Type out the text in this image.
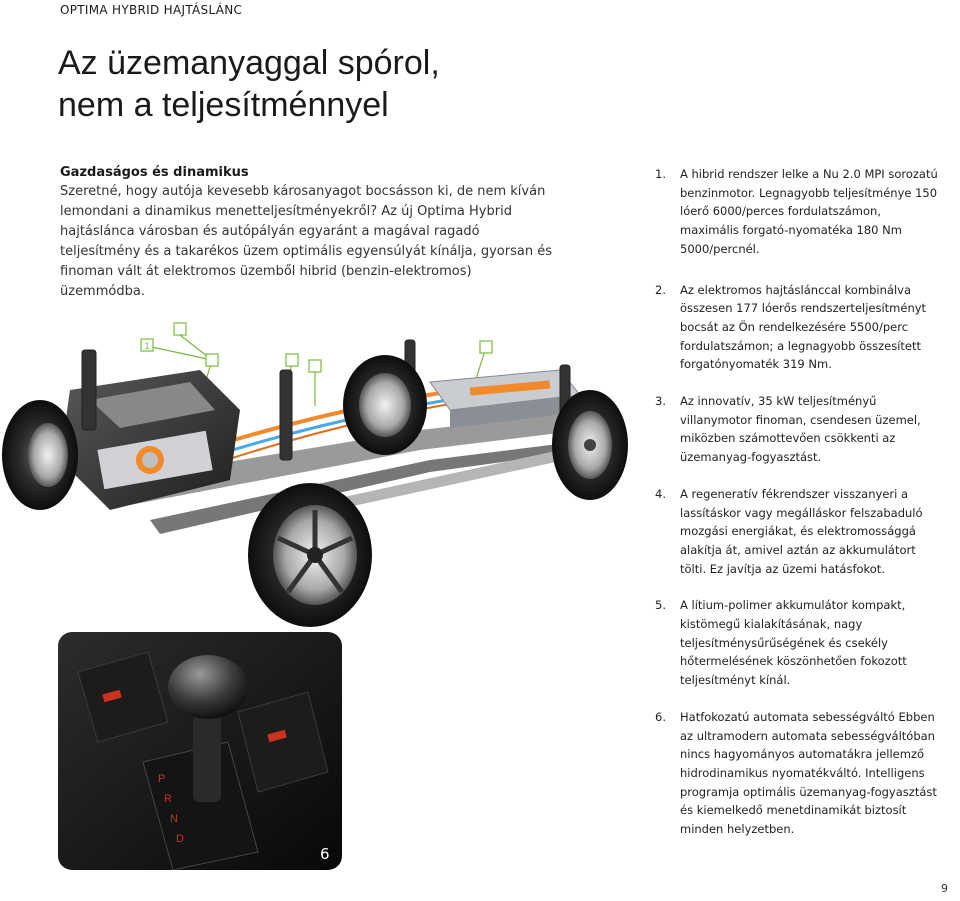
OPTIMA HYBRID HAJTÁSLÁNC
Az üzemanyaggal spórol,
nem a teljesítménnyel
Gazdaságos és dinamikus

Szeretné, hogy autója kevesebb károsanyagot bocsásson ki, de nem kíván lemondani a dinamikus menetteljesítményekről? Az új Optima Hybrid hajtáslánca városban és autópályán egyaránt a magával ragadó teljesítmény és a takarékos üzem optimális egyensúlyát kínálja, gyorsan és finoman vált át elektromos üzemből hibrid (benzin-elektromos) üzemmódba.

1
P
R
N
D
6
1. A hibrid rendszer lelke a Nu 2.0 MPI sorozatú benzinmotor. Legnagyobb teljesítménye 150 lóerő 6000/perces fordulatszámon, maximális forgató-nyomatéka 180 Nm 5000/percnél.
2. Az elektromos hajtáslánccal kombinálva összesen 177 lóerős rendszerteljesítményt bocsát az Ön rendelkezésére 5500/perc fordulatszámon; a legnagyobb összesített forgatónyomaték 319 Nm.
3. Az innovatív, 35 kW teljesítményű villanymotor finoman, csendesen üzemel, miközben számottevően csökkenti az üzemanyag-fogyasztást.
4. A regeneratív fékrendszer visszanyeri a lassításkor vagy megálláskor felszabaduló mozgási energiákat, és elektromossággá alakítja át, amivel aztán az akkumulátort tölti. Ez javítja az üzemi hatásfokot.
5. A lítium-polimer akkumulátor kompakt, kistömegű kialakításának, nagy teljesítménysűrűségének és csekély hőtermelésének köszönhetően fokozott teljesítményt kínál.
6. Hatfokozatú automata sebességváltó Ebben az ultramodern automata sebességváltóban nincs hagyományos automatákra jellemző hidrodinamikus nyomatékváltó. Intelligens programja optimális üzemanyag-fogyasztást és kiemelkedő menetdinamikát biztosít minden helyzetben.
9
